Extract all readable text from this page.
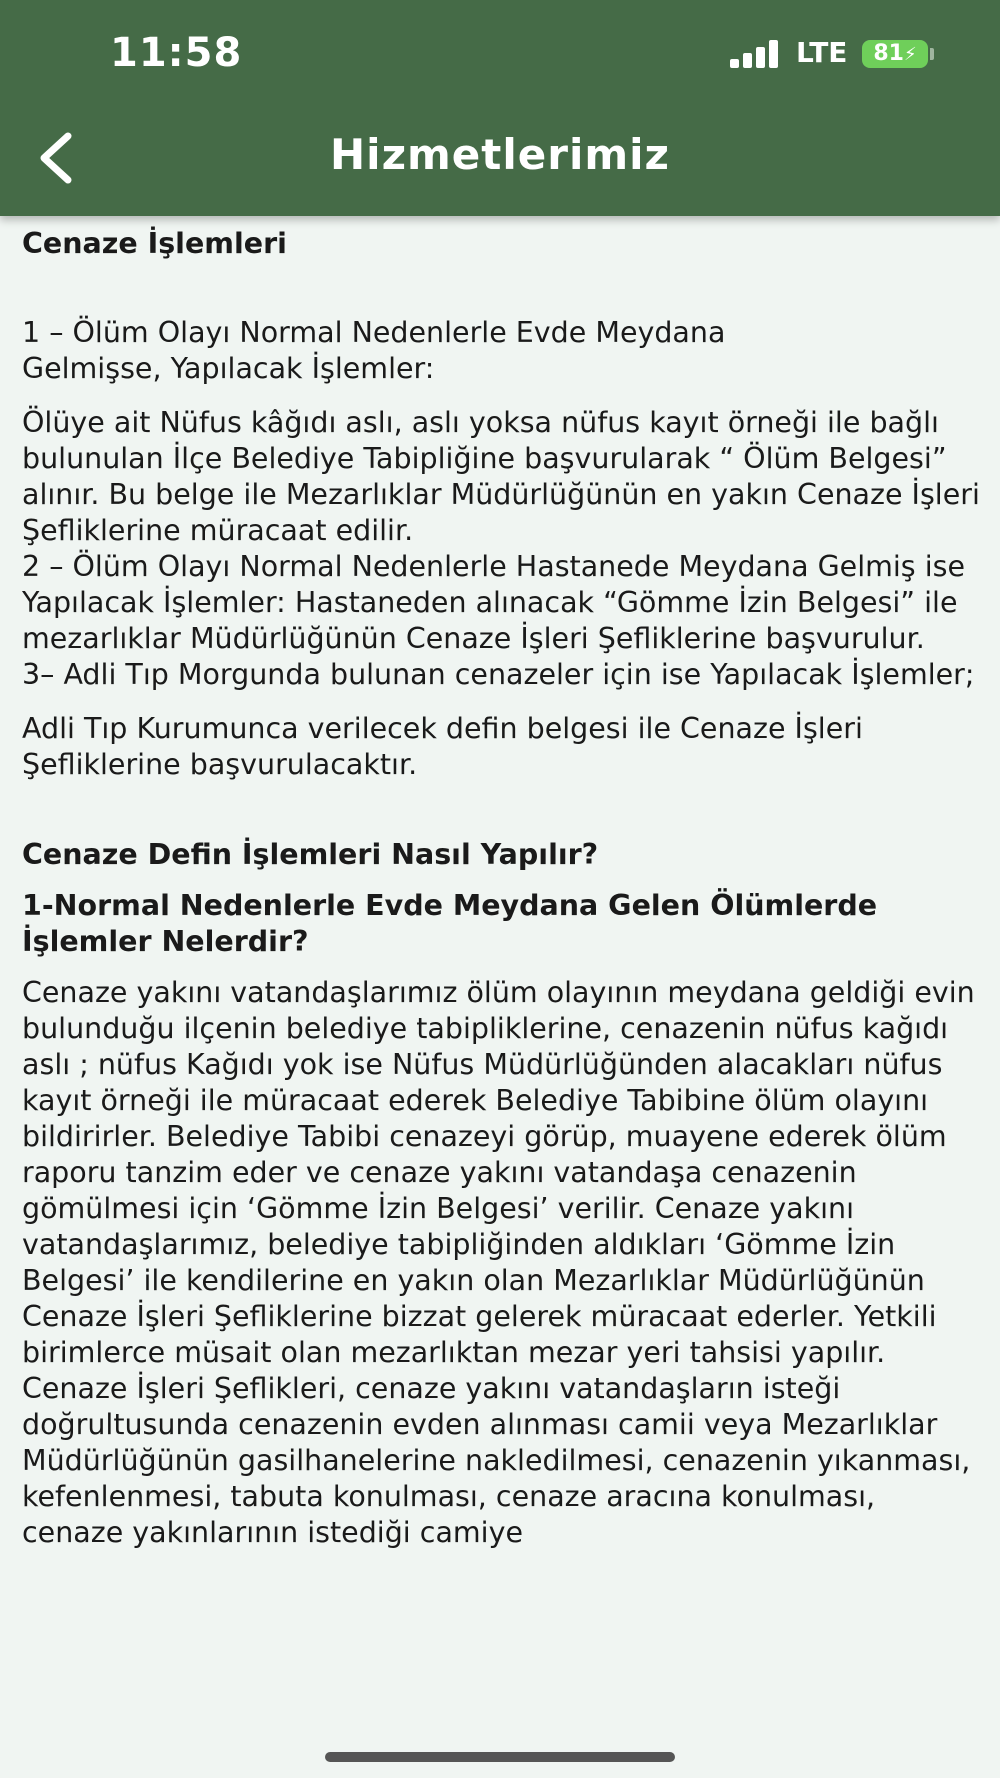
11:58	LTE	81⚡
Hizmetlerimiz

Cenaze İşlemleri

1 – Ölüm Olayı Normal Nedenlerle Evde Meydana

Gelmişse, Yapılacak İşlemler:

Ölüye ait Nüfus kâğıdı aslı, aslı yoksa nüfus kayıt örneği ile bağlı bulunulan İlçe Belediye Tabipliğine başvurularak “ Ölüm Belgesi” alınır. Bu belge ile Mezarlıklar Müdürlüğünün en yakın Cenaze İşleri Şefliklerine müracaat edilir.

2 – Ölüm Olayı Normal Nedenlerle Hastanede Meydana Gelmiş ise Yapılacak İşlemler: Hastaneden alınacak “Gömme İzin Belgesi” ile mezarlıklar Müdürlüğünün Cenaze İşleri Şefliklerine başvurulur.

3– Adli Tıp Morgunda bulunan cenazeler için ise Yapılacak İşlemler;

Adli Tıp Kurumunca verilecek defin belgesi ile Cenaze İşleri Şefliklerine başvurulacaktır.

Cenaze Defin İşlemleri Nasıl Yapılır?

1-Normal Nedenlerle Evde Meydana Gelen Ölümlerde İşlemler Nelerdir?

Cenaze yakını vatandaşlarımız ölüm olayının meydana geldiği evin bulunduğu ilçenin belediye tabipliklerine, cenazenin nüfus kağıdı aslı ; nüfus Kağıdı yok ise Nüfus Müdürlüğünden alacakları nüfus kayıt örneği ile müracaat ederek Belediye Tabibine ölüm olayını bildirirler. Belediye Tabibi cenazeyi görüp, muayene ederek ölüm raporu tanzim eder ve cenaze yakını vatandaşa cenazenin gömülmesi için ‘Gömme İzin Belgesi’ verilir. Cenaze yakını vatandaşlarımız, belediye tabipliğinden aldıkları ‘Gömme İzin Belgesi’ ile kendilerine en yakın olan Mezarlıklar Müdürlüğünün Cenaze İşleri Şefliklerine bizzat gelerek müracaat ederler. Yetkili birimlerce müsait olan mezarlıktan mezar yeri tahsisi yapılır. Cenaze İşleri Şeflikleri, cenaze yakını vatandaşların isteği doğrultusunda cenazenin evden alınması camii veya Mezarlıklar Müdürlüğünün gasilhanelerine nakledilmesi, cenazenin yıkanması, kefenlenmesi, tabuta konulması, cenaze aracına konulması, cenaze yakınlarının istediği camiye
